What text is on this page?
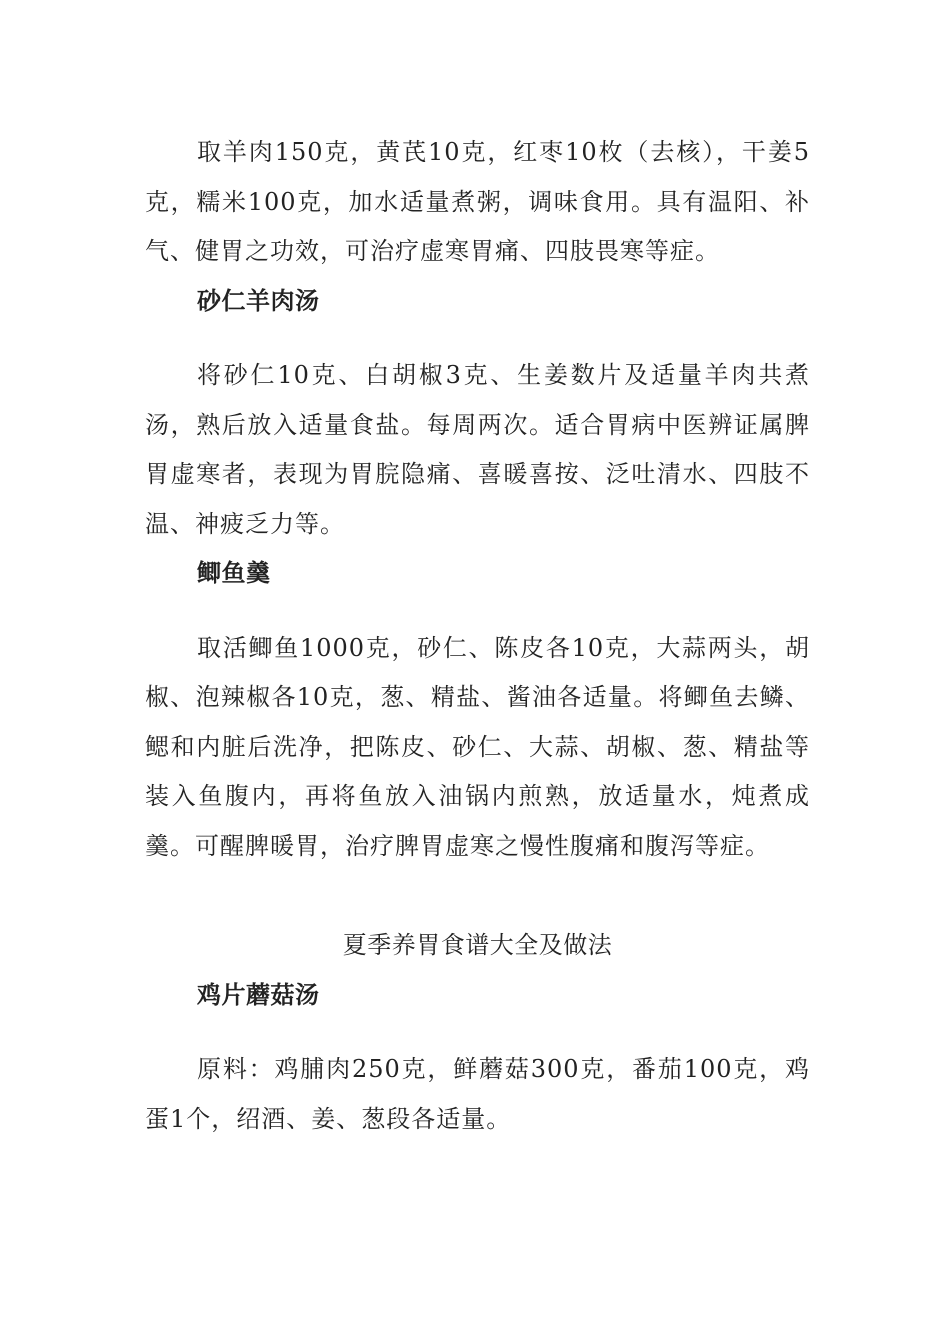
取羊肉150克，黄芪10克，红枣10枚（去核），干姜5克，糯米100克，加水适量煮粥，调味食用。具有温阳、补气、健胃之功效，可治疗虚寒胃痛、四肢畏寒等症。

砂仁羊肉汤

将砂仁10克、白胡椒3克、生姜数片及适量羊肉共煮汤，熟后放入适量食盐。每周两次。适合胃病中医辨证属脾胃虚寒者，表现为胃脘隐痛、喜暖喜按、泛吐清水、四肢不温、神疲乏力等。

鲫鱼羹

取活鲫鱼1000克，砂仁、陈皮各10克，大蒜两头，胡椒、泡辣椒各10克，葱、精盐、酱油各适量。将鲫鱼去鳞、鳃和内脏后洗净，把陈皮、砂仁、大蒜、胡椒、葱、精盐等装入鱼腹内，再将鱼放入油锅内煎熟，放适量水，炖煮成羹。可醒脾暖胃，治疗脾胃虚寒之慢性腹痛和腹泻等症。

夏季养胃食谱大全及做法

鸡片蘑菇汤

原料：鸡脯肉250克，鲜蘑菇300克，番茄100克，鸡蛋1个，绍酒、姜、葱段各适量。
